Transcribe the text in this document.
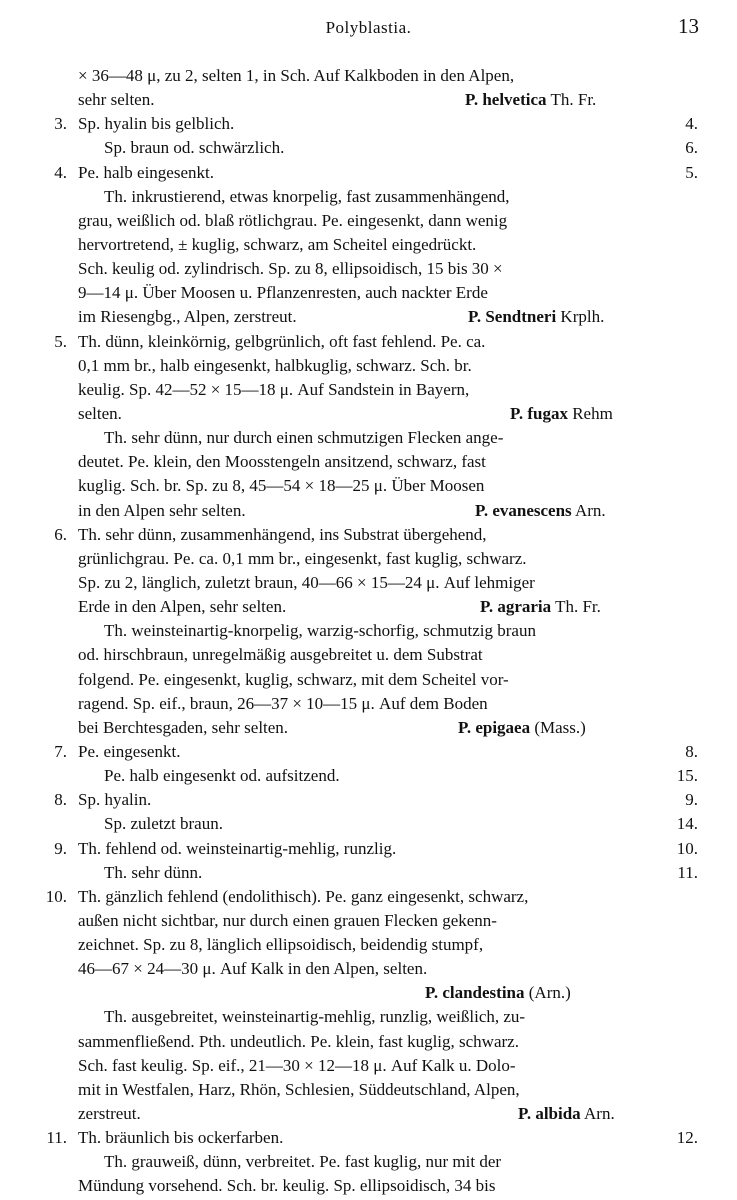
Polyblastia.	13
× 36—48 μ, zu 2, selten 1, in Sch. Auf Kalkboden in den Alpen,
sehr selten.	P. helvetica Th. Fr.
3. Sp. hyalin bis gelblich.	4.
Sp. braun od. schwärzlich.	6.
4. Pe. halb eingesenkt.	5.
Th. inkrustierend, etwas knorpelig, fast zusammenhängend,
grau, weißlich od. blaß rötlichgrau. Pe. eingesenkt, dann wenig
hervortretend, ± kuglig, schwarz, am Scheitel eingedrückt.
Sch. keulig od. zylindrisch. Sp. zu 8, ellipsoidisch, 15 bis 30 ×
9—14 μ. Über Moosen u. Pflanzenresten, auch nackter Erde
im Riesengbg., Alpen, zerstreut.	P. Sendtneri Krplh.
5. Th. dünn, kleinkörnig, gelbgrünlich, oft fast fehlend. Pe. ca.
0,1 mm br., halb eingesenkt, halbkuglig, schwarz. Sch. br.
keulig. Sp. 42—52 × 15—18 μ. Auf Sandstein in Bayern,
selten.	P. fugax Rehm
Th. sehr dünn, nur durch einen schmutzigen Flecken ange-
deutet. Pe. klein, den Moosstengeln ansitzend, schwarz, fast
kuglig. Sch. br. Sp. zu 8, 45—54 × 18—25 μ. Über Moosen
in den Alpen sehr selten.	P. evanescens Arn.
6. Th. sehr dünn, zusammenhängend, ins Substrat übergehend,
grünlichgrau. Pe. ca. 0,1 mm br., eingesenkt, fast kuglig, schwarz.
Sp. zu 2, länglich, zuletzt braun, 40—66 × 15—24 μ. Auf lehmiger
Erde in den Alpen, sehr selten.	P. agraria Th. Fr.
Th. weinsteinartig-knorpelig, warzig-schorfig, schmutzig braun
od. hirschbraun, unregelmäßig ausgebreitet u. dem Substrat
folgend. Pe. eingesenkt, kuglig, schwarz, mit dem Scheitel vor-
ragend. Sp. eif., braun, 26—37 × 10—15 μ. Auf dem Boden
bei Berchtesgaden, sehr selten.	P. epigaea (Mass.)
7. Pe. eingesenkt.	8.
Pe. halb eingesenkt od. aufsitzend.	15.
8. Sp. hyalin.	9.
Sp. zuletzt braun.	14.
9. Th. fehlend od. weinsteinartig-mehlig, runzlig.	10.
Th. sehr dünn.	11.
10. Th. gänzlich fehlend (endolithisch). Pe. ganz eingesenkt, schwarz,
außen nicht sichtbar, nur durch einen grauen Flecken gekenn-
zeichnet. Sp. zu 8, länglich ellipsoidisch, beidendig stumpf,
46—67 × 24—30 μ. Auf Kalk in den Alpen, selten.
P. clandestina (Arn.)
Th. ausgebreitet, weinsteinartig-mehlig, runzlig, weißlich, zu-
sammenfließend. Pth. undeutlich. Pe. klein, fast kuglig, schwarz.
Sch. fast keulig. Sp. eif., 21—30 × 12—18 μ. Auf Kalk u. Dolo-
mit in Westfalen, Harz, Rhön, Schlesien, Süddeutschland, Alpen,
zerstreut.	P. albida Arn.
11. Th. bräunlich bis ockerfarben.	12.
Th. grauweiß, dünn, verbreitet. Pe. fast kuglig, nur mit der
Mündung vorsehend. Sch. br. keulig. Sp. ellipsoidisch, 34 bis
